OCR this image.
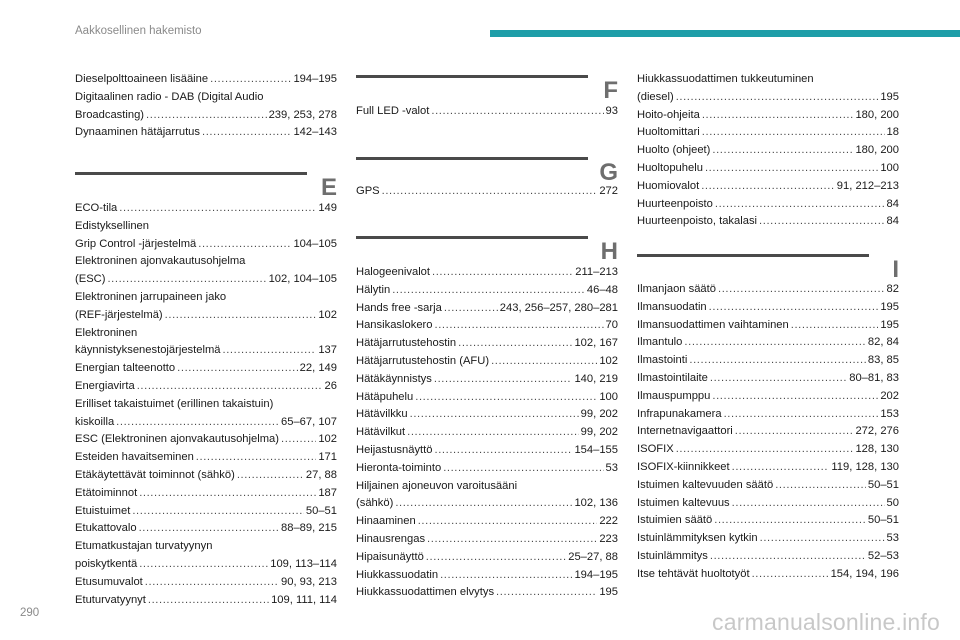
Aakkosellinen hakemisto
Dieselpolttoaineen lisääine .....	194–195
Digitaalinen radio - DAB (Digital Audio
Broadcasting) .....	239, 253, 278
Dynaaminen hätäjarrutus .....	142–143
E
ECO-tila .....	149
Edistyksellinen
Grip Control -järjestelmä .....	104–105
Elektroninen ajonvakautusohjelma
(ESC) .....	102, 104–105
Elektroninen jarrupaineen jako
(REF-järjestelmä) .....	102
Elektroninen
käynnistyksenestojärjestelmä .....	137
Energian talteenotto .....	22, 149
Energiavirta .....	26
Erilliset takaistuimet (erillinen takaistuin)
kiskoilla .....	65–67, 107
ESC (Elektroninen ajonvakautusohjelma) .....	102
Esteiden havaitseminen .....	171
Etäkäytettävät toiminnot (sähkö) .....	27, 88
Etätoiminnot .....	187
Etuistuimet .....	50–51
Etukattovalo .....	88–89, 215
Etumatkustajan turvatyynyn
poiskytkentä .....	109, 113–114
Etusumuvalot .....	90, 93, 213
Etuturvatyynyt .....	109, 111, 114
F
Full LED -valot .....	93
G
GPS .....	272
H
Halogeenivalot .....	211–213
Hälytin .....	46–48
Hands free -sarja .....	243, 256–257, 280–281
Hansikaslokero .....	70
Hätäjarrutustehostin .....	102, 167
Hätäjarrutustehostin (AFU) .....	102
Hätäkäynnistys .....	140, 219
Hätäpuhelu .....	100
Hätävilkku .....	99, 202
Hätävilkut .....	99, 202
Heijastusnäyttö .....	154–155
Hieronta-toiminto .....	53
Hiljainen ajoneuvon varoitusääni
(sähkö) .....	102, 136
Hinaaminen .....	222
Hinausrengas .....	223
Hipaisunäyttö .....	25–27, 88
Hiukkassuodatin .....	194–195
Hiukkassuodattimen elvytys .....	195
Hiukkassuodattimen tukkeutuminen
(diesel) .....	195
Hoito-ohjeita .....	180, 200
Huoltomittari .....	18
Huolto (ohjeet) .....	180, 200
Huoltopuhelu .....	100
Huomiovalot .....	91, 212–213
Huurteenpoisto .....	84
Huurteenpoisto, takalasi .....	84
I
Ilmanjaon säätö .....	82
Ilmansuodatin .....	195
Ilmansuodattimen vaihtaminen .....	195
Ilmantulo .....	82, 84
Ilmastointi .....	83, 85
Ilmastointilaite .....	80–81, 83
Ilmauspumppu .....	202
Infrapunakamera .....	153
Internetnavigaattori .....	272, 276
ISOFIX .....	128, 130
ISOFIX-kiinnikkeet .....	119, 128, 130
Istuimen kaltevuuden säätö .....	50–51
Istuimen kaltevuus .....	50
Istuimien säätö .....	50–51
Istuinlämmityksen kytkin .....	53
Istuinlämmitys .....	52–53
Itse tehtävät huoltotyöt .....	154, 194, 196
290	carmanualsonline.info
